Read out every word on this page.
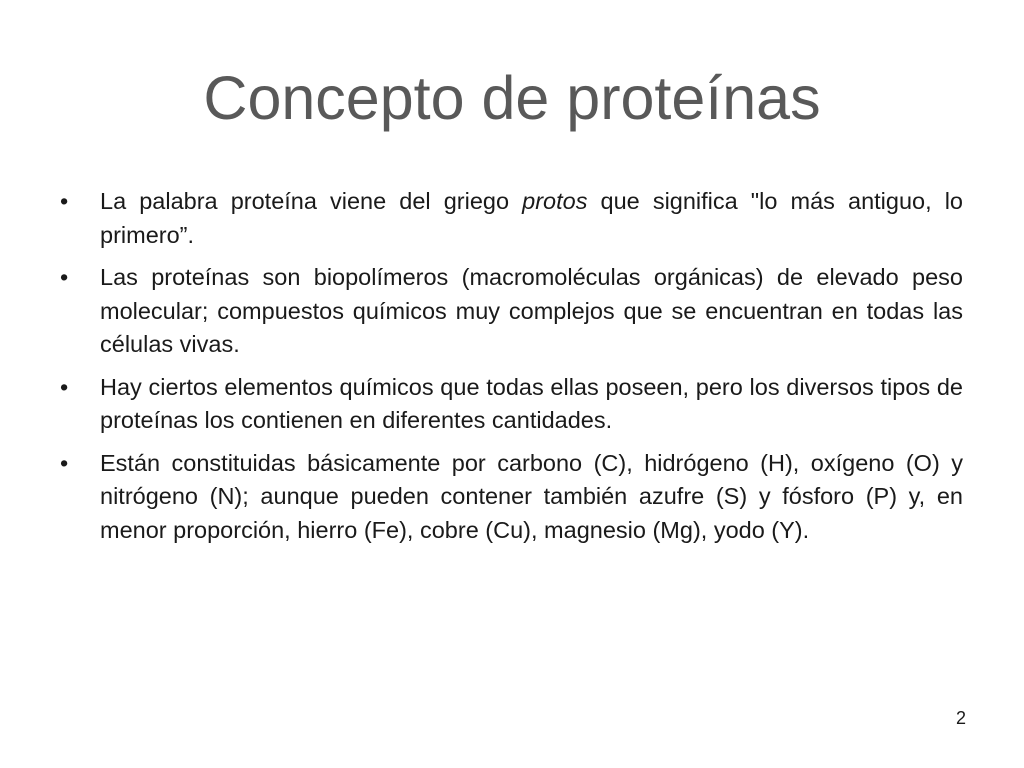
Concepto de proteínas
•	La palabra proteína viene del griego protos que significa "lo más antiguo, lo primero”.
•	Las proteínas son biopolímeros (macromoléculas orgánicas) de elevado peso molecular; compuestos químicos muy complejos que se encuentran en todas las células vivas.
•	Hay ciertos elementos químicos que todas ellas poseen, pero los diversos tipos de proteínas los contienen en diferentes cantidades.
•	Están constituidas básicamente por carbono (C), hidrógeno (H), oxígeno (O) y nitrógeno (N); aunque pueden contener también azufre (S) y fósforo (P) y, en menor proporción, hierro (Fe), cobre (Cu), magnesio (Mg), yodo (Y).
2
